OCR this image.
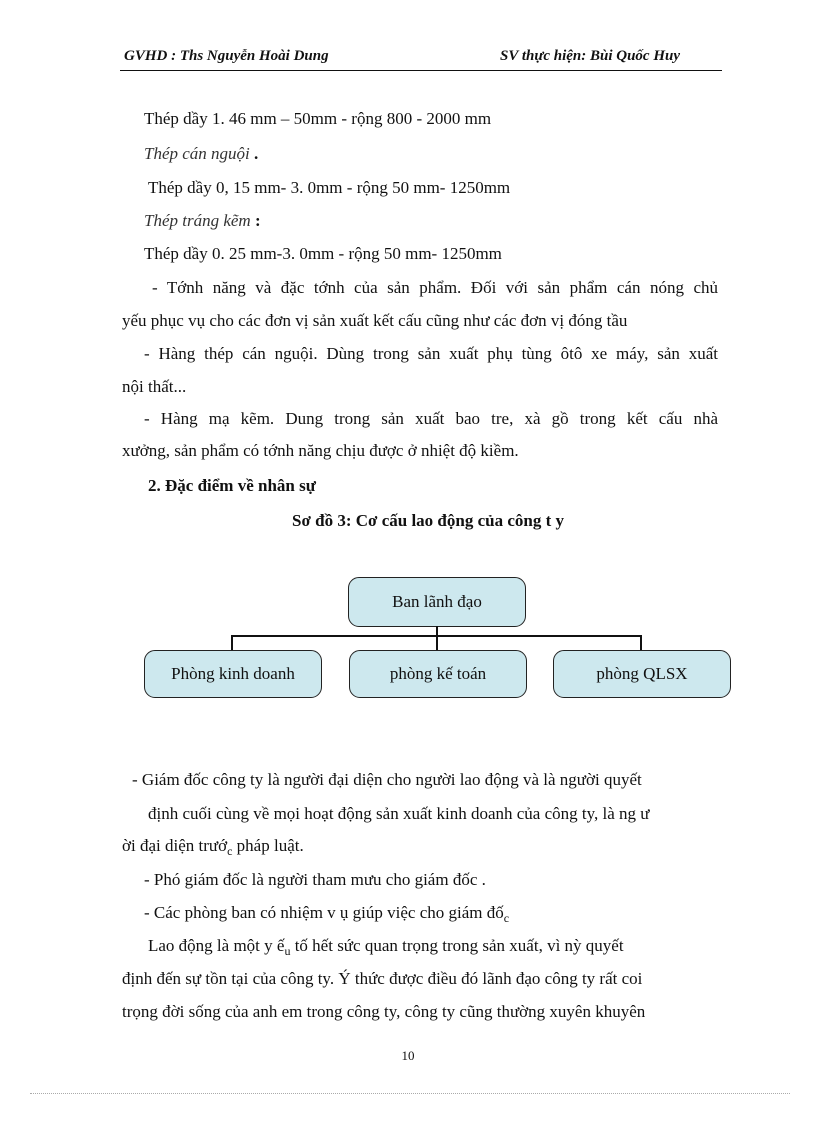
GVHD : Ths Nguyễn Hoài Dung	SV thực hiện: Bùi Quốc Huy
Thép dầy 1. 46 mm – 50mm - rộng 800 - 2000 mm
Thép cán nguội .
Thép dầy 0, 15 mm- 3. 0mm - rộng 50 mm- 1250mm
Thép tráng kẽm :
Thép dầy 0. 25 mm-3. 0mm - rộng 50 mm- 1250mm
- Tớnh năng và đặc tớnh của sản phẩm. Đối với sản phẩm cán nóng chủ
yếu phục vụ cho các đơn vị sản xuất kết cấu cũng như các đơn vị đóng tầu
- Hàng thép cán nguội. Dùng trong sản xuất phụ tùng ôtô xe máy, sản xuất
nội thất...
- Hàng mạ kẽm. Dung trong sản xuất bao tre, xà gồ trong kết cấu nhà
xưởng, sản phẩm có tớnh năng chịu được ở nhiệt độ kiềm.
2. Đặc điểm về nhân sự
Sơ đồ 3: Cơ cấu lao động của công t y
Ban lãnh đạo
Phòng kinh doanh	phòng kế toán	phòng QLSX
- Giám đốc công ty là người đại diện cho người lao động và là người quyết
định cuối cùng về mọi hoạt động sản xuất kinh doanh của công ty, là ng ư
ời đại diện trướ$_c$ pháp luật.
- Phó giám đốc là người tham mưu cho giám đốc .
- Các phòng ban có nhiệm v ụ giúp việc cho giám đố$_c$
Lao động là một y ế$_u$ tố hết sức quan trọng trong sản xuất, vì nỳ quyết
định đến sự tồn tại của công ty. Ý thức được điều đó lãnh đạo công ty rất coi
trọng đời sống của anh em trong công ty, công ty cũng thường xuyên khuyên
10
